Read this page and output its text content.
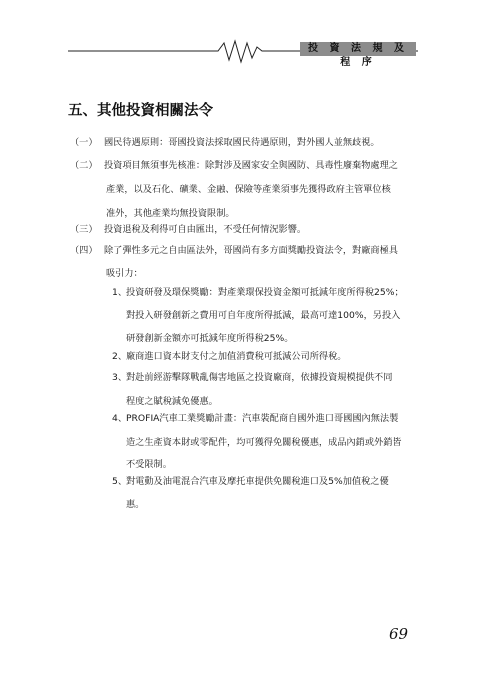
投 資 法 規 及 程 序
五、其他投資相關法令
（一） 國民待遇原則：哥國投資法採取國民待遇原則，對外國人並無歧視。
（二） 投資項目無須事先核准：除對涉及國家安全與國防、具毒性廢棄物處理之
產業，以及石化、礦業、金融、保險等產業須事先獲得政府主管單位核
准外，其他產業均無投資限制。
（三） 投資退稅及利得可自由匯出，不受任何情況影響。
（四） 除了彈性多元之自由區法外，哥國尚有多方面獎勵投資法令，對廠商極具
吸引力：
1、
投資研發及環保獎勵：對產業環保投資金額可抵減年度所得稅25%；
對投入研發創新之費用可自年度所得抵減，最高可達100%，另投入
研發創新金額亦可抵減年度所得稅25%。
2、
廠商進口資本財支付之加值消費稅可抵減公司所得稅。
3、
對赴前經游擊隊戰亂傷害地區之投資廠商，依據投資規模提供不同
程度之賦稅減免優惠。
4、
PROFIA汽車工業獎勵計畫：汽車裝配商自國外進口哥國國內無法製
造之生產資本財或零配件，均可獲得免關稅優惠，成品內銷或外銷皆
不受限制。
5、
對電動及油電混合汽車及摩托車提供免關稅進口及5%加值稅之優
惠。
69
